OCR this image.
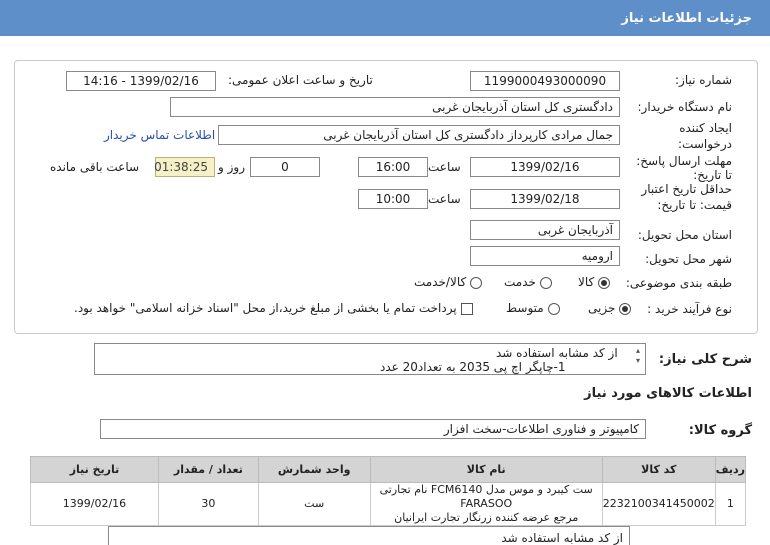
جزئیات اطلاعات نیاز
شماره نیاز:
1199000493000090
تاریخ و ساعت اعلان عمومی:
1399/02/16 - 14:16
نام دستگاه خریدار:
دادگستری کل استان آذربایجان غربی
ایجاد کننده
درخواست:
جمال مرادی کارپرداز دادگستری کل استان آذربایجان غربی
اطلاعات تماس خریدار
مهلت ارسال پاسخ:
تا تاریخ:
1399/02/16
ساعت
16:00
0
روز و
01:38:25
ساعت باقی مانده
حداقل تاریخ اعتبار
قیمت: تا تاریخ:
1399/02/18
ساعت
10:00
استان محل تحویل:
آذربایجان غربی
شهر محل تحویل:
ارومیه
طبقه بندی موضوعی:
کالا
خدمت
کالا/خدمت
نوع فرآیند خرید :
جزیی
متوسط
پرداخت تمام یا بخشی از مبلغ خرید،از محل "اسناد خزانه اسلامی" خواهد بود.
شرح کلی نیاز:
▴
▾
از کد مشابه استفاده شد
1-چاپگر اچ پی 2035 به تعداد20 عدد
اطلاعات کالاهای مورد نیاز
گروه کالا:
کامپیوتر و فناوری اطلاعات-سخت افزار
ردیف	کد کالا	نام کالا	واحد شمارش	تعداد / مقدار	تاریخ نیاز
1	2232100341450002	ست کیبرد و موس مدل FCM6140 نام تجارتی FARASOO
مرجع عرضه کننده زرنگار تجارت ایرانیان	ست	30	1399/02/16
از کد مشابه استفاده شد
